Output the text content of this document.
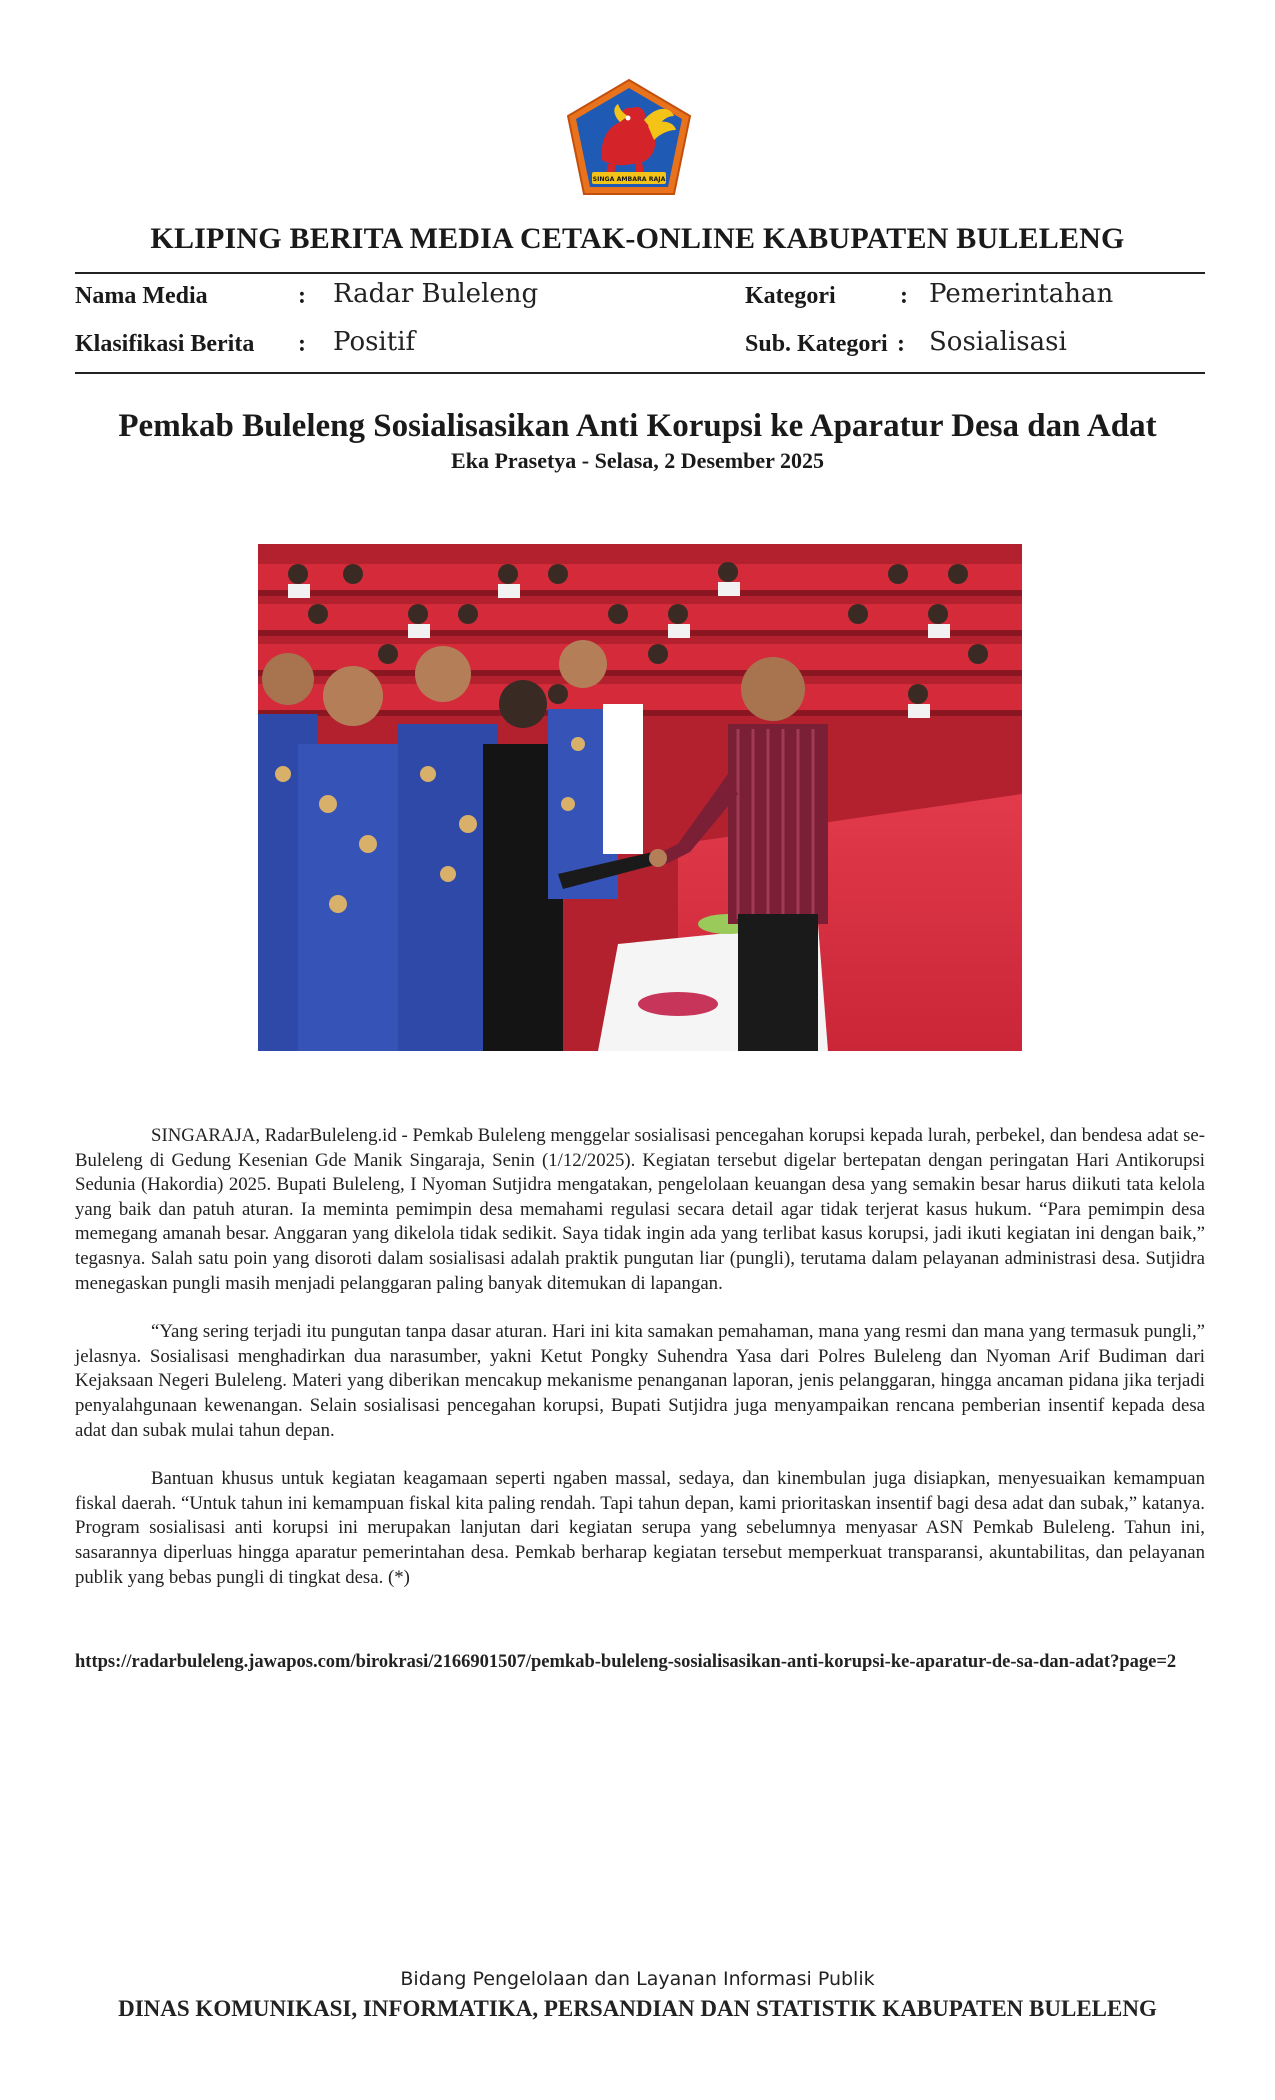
SINGA AMBARA RAJA
KLIPING BERITA MEDIA CETAK-ONLINE KABUPATEN BULELENG
Nama Media	: Radar Buleleng
Klasifikasi Berita : Positif
Kategori	: Pemerintahan
Sub. Kategori : Sosialisasi
Pemkab Buleleng Sosialisasikan Anti Korupsi ke Aparatur Desa dan Adat
Eka Prasetya - Selasa, 2 Desember 2025

SINGARAJA, RadarBuleleng.id - Pemkab Buleleng menggelar sosialisasi pencegahan korupsi kepada lurah, perbekel, dan bendesa adat se-Buleleng di Gedung Kesenian Gde Manik Singaraja, Senin (1/12/2025). Kegiatan tersebut digelar bertepatan dengan peringatan Hari Antikorupsi Sedunia (Hakordia) 2025. Bupati Buleleng, I Nyoman Sutjidra mengatakan, pengelolaan keuangan desa yang semakin besar harus diikuti tata kelola yang baik dan patuh aturan. Ia meminta pemimpin desa memahami regulasi secara detail agar tidak terjerat kasus hukum. “Para pemimpin desa memegang amanah besar. Anggaran yang dikelola tidak sedikit. Saya tidak ingin ada yang terlibat kasus korupsi, jadi ikuti kegiatan ini dengan baik,” tegasnya. Salah satu poin yang disoroti dalam sosialisasi adalah praktik pungutan liar (pungli), terutama dalam pelayanan administrasi desa. Sutjidra menegaskan pungli masih menjadi pelanggaran paling banyak ditemukan di lapangan.

“Yang sering terjadi itu pungutan tanpa dasar aturan. Hari ini kita samakan pemahaman, mana yang resmi dan mana yang termasuk pungli,” jelasnya. Sosialisasi menghadirkan dua narasumber, yakni Ketut Pongky Suhendra Yasa dari Polres Buleleng dan Nyoman Arif Budiman dari Kejaksaan Negeri Buleleng. Materi yang diberikan mencakup mekanisme penanganan laporan, jenis pelanggaran, hingga ancaman pidana jika terjadi penyalahgunaan kewenangan. Selain sosialisasi pencegahan korupsi, Bupati Sutjidra juga menyampaikan rencana pemberian insentif kepada desa adat dan subak mulai tahun depan.

Bantuan khusus untuk kegiatan keagamaan seperti ngaben massal, sedaya, dan kinembulan juga disiapkan, menyesuaikan kemampuan fiskal daerah. “Untuk tahun ini kemampuan fiskal kita paling rendah. Tapi tahun depan, kami prioritaskan insentif bagi desa adat dan subak,” katanya. Program sosialisasi anti korupsi ini merupakan lanjutan dari kegiatan serupa yang sebelumnya menyasar ASN Pemkab Buleleng. Tahun ini, sasarannya diperluas hingga aparatur pemerintahan desa. Pemkab berharap kegiatan tersebut memperkuat transparansi, akuntabilitas, dan pelayanan publik yang bebas pungli di tingkat desa. (*)

https://radarbuleleng.jawapos.com/birokrasi/2166901507/pemkab-buleleng-sosialisasikan-anti-korupsi-ke-aparatur-de-sa-dan-adat?page=2
Bidang Pengelolaan dan Layanan Informasi Publik
DINAS KOMUNIKASI, INFORMATIKA, PERSANDIAN DAN STATISTIK KABUPATEN BULELENG
